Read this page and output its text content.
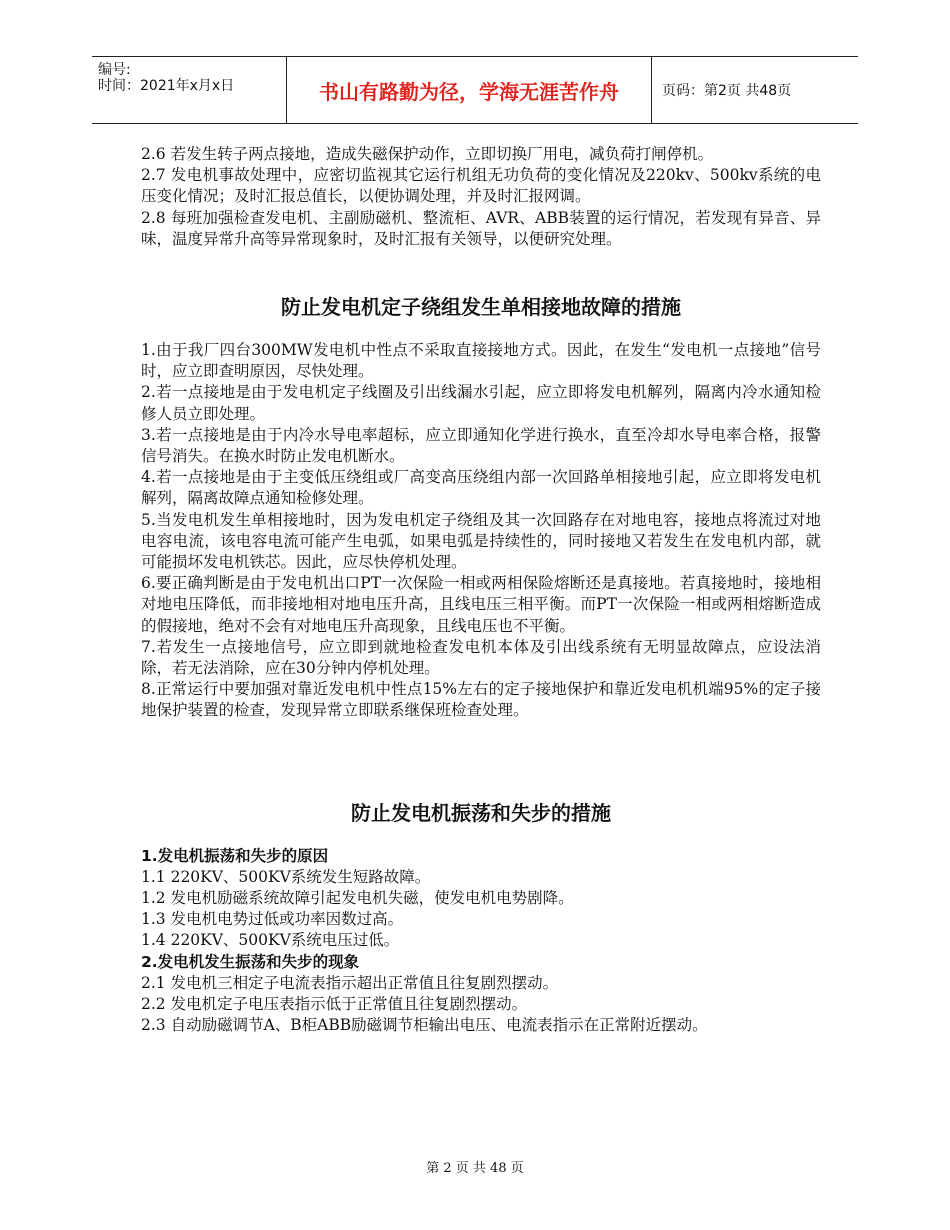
编号:
时间：2021年x月x日	书山有路勤为径，学海无涯苦作舟	页码：第2页 共48页

2.6 若发生转子两点接地，造成失磁保护动作，立即切换厂用电，减负荷打闸停机。

2.7 发电机事故处理中，应密切监视其它运行机组无功负荷的变化情况及220kv、500kv系统的电压变化情况；及时汇报总值长，以便协调处理，并及时汇报网调。

2.8 每班加强检查发电机、主副励磁机、整流柜、AVR、ABB装置的运行情况，若发现有异音、异味，温度异常升高等异常现象时，及时汇报有关领导，以便研究处理。

防止发电机定子绕组发生单相接地故障的措施

1.由于我厂四台300MW发电机中性点不采取直接接地方式。因此，在发生“发电机一点接地”信号时，应立即查明原因，尽快处理。

2.若一点接地是由于发电机定子线圈及引出线漏水引起，应立即将发电机解列，隔离内冷水通知检修人员立即处理。

3.若一点接地是由于内冷水导电率超标，应立即通知化学进行换水，直至冷却水导电率合格，报警信号消失。在换水时防止发电机断水。

4.若一点接地是由于主变低压绕组或厂高变高压绕组内部一次回路单相接地引起，应立即将发电机解列，隔离故障点通知检修处理。

5.当发电机发生单相接地时，因为发电机定子绕组及其一次回路存在对地电容，接地点将流过对地电容电流，该电容电流可能产生电弧，如果电弧是持续性的，同时接地又若发生在发电机内部，就可能损坏发电机铁芯。因此，应尽快停机处理。

6.要正确判断是由于发电机出口PT一次保险一相或两相保险熔断还是真接地。若真接地时，接地相对地电压降低，而非接地相对地电压升高，且线电压三相平衡。而PT一次保险一相或两相熔断造成的假接地，绝对不会有对地电压升高现象，且线电压也不平衡。

7.若发生一点接地信号，应立即到就地检查发电机本体及引出线系统有无明显故障点，应设法消除，若无法消除，应在30分钟内停机处理。

8.正常运行中要加强对靠近发电机中性点15%左右的定子接地保护和靠近发电机机端95%的定子接地保护装置的检查，发现异常立即联系继保班检查处理。

防止发电机振荡和失步的措施

1.发电机振荡和失步的原因

1.1 220KV、500KV系统发生短路故障。

1.2 发电机励磁系统故障引起发电机失磁，使发电机电势剧降。

1.3 发电机电势过低或功率因数过高。

1.4 220KV、500KV系统电压过低。

2.发电机发生振荡和失步的现象

2.1 发电机三相定子电流表指示超出正常值且往复剧烈摆动。

2.2 发电机定子电压表指示低于正常值且往复剧烈摆动。

2.3 自动励磁调节A、B柜ABB励磁调节柜输出电压、电流表指示在正常附近摆动。

第 2 页 共 48 页
